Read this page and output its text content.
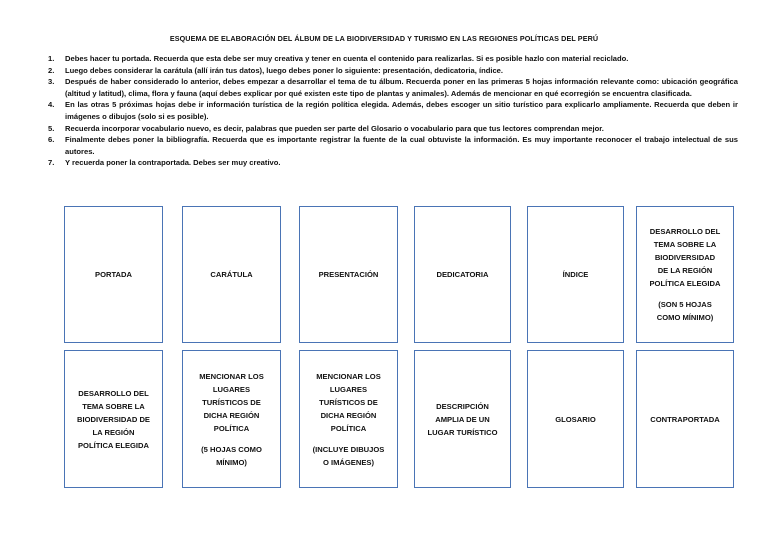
ESQUEMA DE ELABORACIÓN DEL ÁLBUM DE LA BIODIVERSIDAD Y TURISMO EN LAS REGIONES POLÍTICAS DEL PERÚ
1. Debes hacer tu portada. Recuerda que esta debe ser muy creativa y tener en cuenta el contenido para realizarlas. Si es posible hazlo con material reciclado.
2. Luego debes considerar la carátula (allí irán tus datos), luego debes poner lo siguiente: presentación, dedicatoria, índice.
3. Después de haber considerado lo anterior, debes empezar a desarrollar el tema de tu álbum. Recuerda poner en las primeras 5 hojas información relevante como: ubicación geográfica (altitud y latitud), clima, flora y fauna (aquí debes explicar por qué existen este tipo de plantas y animales). Además de mencionar en qué ecorregión se encuentra clasificada.
4. En las otras 5 próximas hojas debe ir información turística de la región política elegida. Además, debes escoger un sitio turístico para explicarlo ampliamente. Recuerda que deben ir imágenes o dibujos (solo si es posible).
5. Recuerda incorporar vocabulario nuevo, es decir, palabras que pueden ser parte del Glosario o vocabulario para que tus lectores comprendan mejor.
6. Finalmente debes poner la bibliografía. Recuerda que es importante registrar la fuente de la cual obtuviste la información. Es muy importante reconocer el trabajo intelectual de sus autores.
7. Y recuerda poner la contraportada. Debes ser muy creativo.
PORTADA	CARÁTULA	PRESENTACIÓN	DEDICATORIA	ÍNDICE
DESARROLLO DEL TEMA SOBRE LA BIODIVERSIDAD DE LA REGIÓN POLÍTICA ELEGIDA
(SON 5 HOJAS COMO MÍNIMO)
DESARROLLO DEL TEMA SOBRE LA BIODIVERSIDAD DE LA REGIÓN POLÍTICA ELEGIDA
MENCIONAR LOS LUGARES TURÍSTICOS DE DICHA REGIÓN POLÍTICA
(5 HOJAS COMO MÍNIMO)
MENCIONAR LOS LUGARES TURÍSTICOS DE DICHA REGIÓN POLÍTICA
(INCLUYE DIBUJOS O IMÁGENES)
DESCRIPCIÓN AMPLIA DE UN LUGAR TURÍSTICO
GLOSARIO	CONTRAPORTADA
